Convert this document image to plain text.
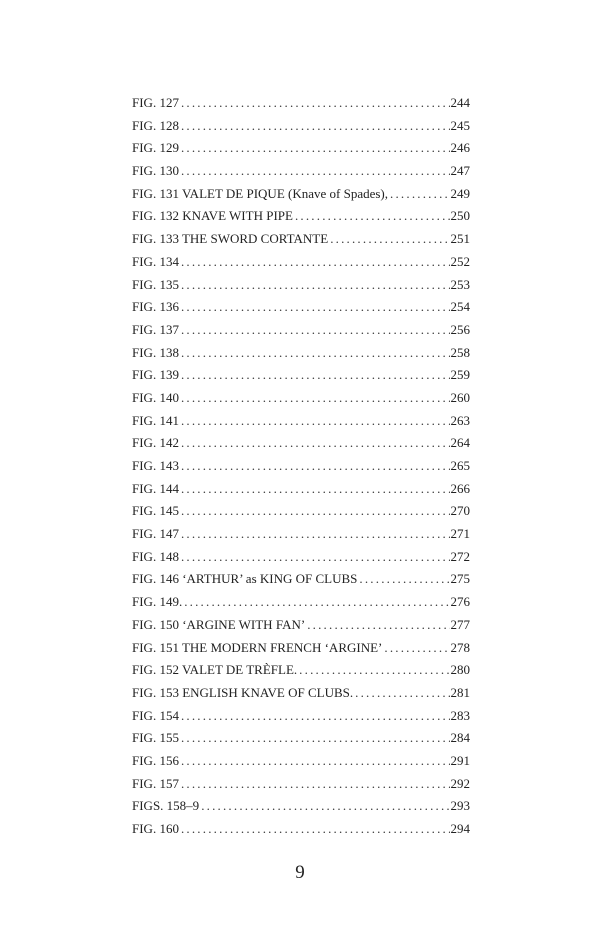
FIG. 127 .....	244
FIG. 128 .....	245
FIG. 129 .....	246
FIG. 130 .....	247
FIG. 131 VALET DE PIQUE (Knave of Spades), .....	249
FIG. 132 KNAVE WITH PIPE .....	250
FIG. 133 THE SWORD CORTANTE .....	251
FIG. 134 .....	252
FIG. 135 .....	253
FIG. 136 .....	254
FIG. 137 .....	256
FIG. 138 .....	258
FIG. 139 .....	259
FIG. 140 .....	260
FIG. 141 .....	263
FIG. 142 .....	264
FIG. 143 .....	265
FIG. 144 .....	266
FIG. 145 .....	270
FIG. 147 .....	271
FIG. 148 .....	272
FIG. 146 ‘ARTHUR’ as KING OF CLUBS .....	275
FIG. 149. .....	276
FIG. 150 ‘ARGINE WITH FAN’ .....	277
FIG. 151 THE MODERN FRENCH ‘ARGINE’ .....	278
FIG. 152 VALET DE TRÈFLE. .....	280
FIG. 153 ENGLISH KNAVE OF CLUBS. .....	281
FIG. 154 .....	283
FIG. 155 .....	284
FIG. 156 .....	291
FIG. 157 .....	292
FIGS. 158–9 .....	293
FIG. 160 .....	294
9
